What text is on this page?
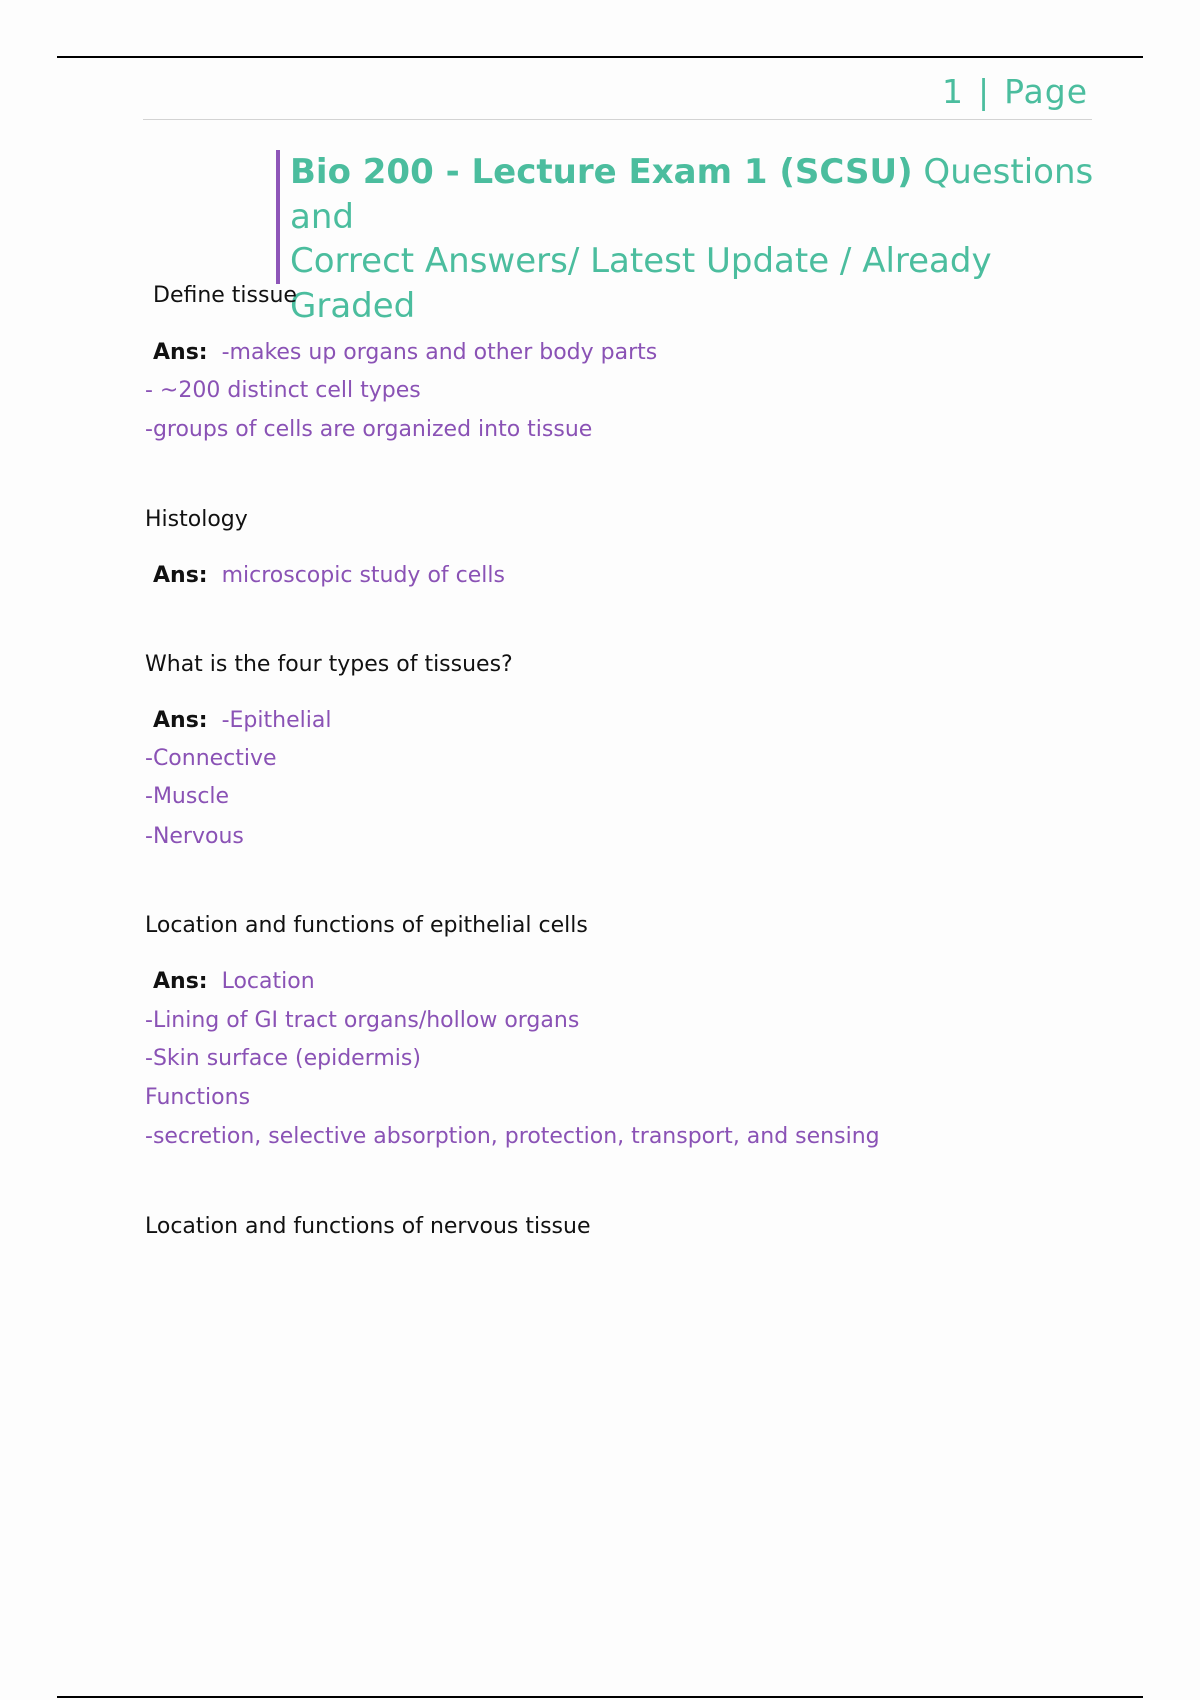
1 | Page
Bio 200 - Lecture Exam 1 (SCSU) Questions and
Correct Answers/ Latest Update / Already
Graded
Define tissue
Ans: -makes up organs and other body parts
- ~200 distinct cell types
-groups of cells are organized into tissue
Histology
Ans: microscopic study of cells
What is the four types of tissues?
Ans: -Epithelial
-Connective
-Muscle
-Nervous
Location and functions of epithelial cells
Ans: Location
-Lining of GI tract organs/hollow organs
-Skin surface (epidermis)
Functions
-secretion, selective absorption, protection, transport, and sensing
Location and functions of nervous tissue
